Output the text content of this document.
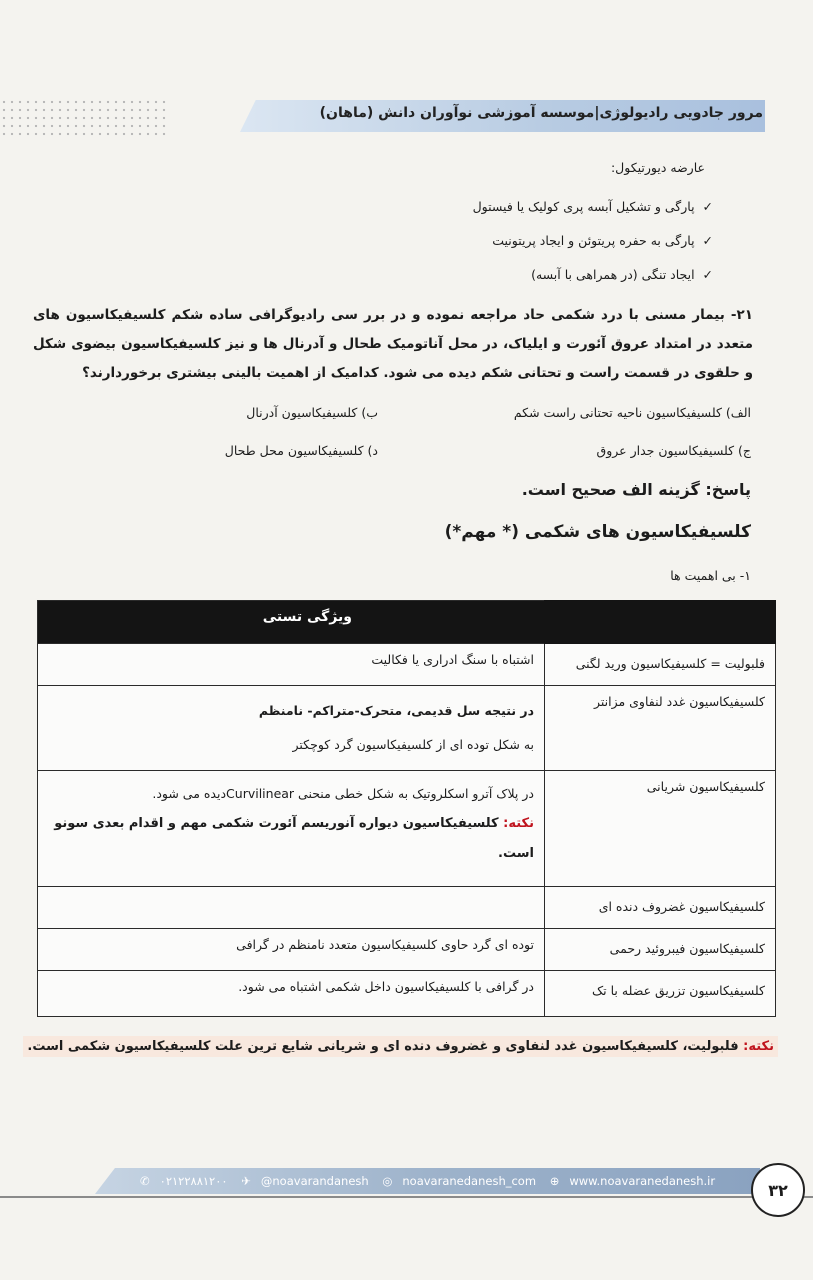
مرور جادویی رادیولوژی|موسسه آموزشی نوآوران دانش (ماهان)
عارضه دیورتیکول:
✓  پارگی و تشکیل آبسه پری کولیک یا فیستول
✓  پارگی به حفره پریتوئن و ایجاد پریتونیت
✓  ایجاد تنگی (در همراهی با آبسه)
۲۱- بیمار مسنی با درد شکمی حاد مراجعه نموده و در برر سی رادیوگرافی ساده شکم کلسیفیکاسیون های متعدد در امتداد عروق آئورت و ایلیاک، در محل آناتومیک طحال و آدرنال ها و نیز کلسیفیکاسیون بیضوی شکل و حلقوی در قسمت راست و تحتانی شکم دیده می شود. کدامیک از اهمیت بالینی بیشتری برخوردارند؟
الف) کلسیفیکاسیون ناحیه تحتانی راست شکم
ب) کلسیفیکاسیون آدرنال
ج) کلسیفیکاسیون جدار عروق
د) کلسیفیکاسیون محل طحال
پاسخ: گزینه الف صحیح است.
کلسیفیکاسیون های شکمی (* مهم*)
۱- بی اهمیت ها
	ویژگی تستی
فلبولیت = کلسیفیکاسیون ورید لگنی	اشتباه با سنگ ادراری یا فکالیت
کلسیفیکاسیون غدد لنفاوی مزانتر	در نتیجه سل قدیمی، متحرک-متراکم- نامنظم
به شکل توده ای از کلسیفیکاسیون گرد کوچکتر

کلسیفیکاسیون شریانی	در پلاک آترو اسکلروتیک به شکل خطی منحنی Curvilinearدیده می شود.
نکته: کلسیفیکاسیون دیواره آنوریسم آئورت شکمی مهم و اقدام بعدی سونو است.

کلسیفیکاسیون غضروف دنده ای	
کلسیفیکاسیون فیبروئید رحمی	توده ای گرد حاوی کلسیفیکاسیون متعدد نامنظم در گرافی
کلسیفیکاسیون تزریق عضله با تک	در گرافی با کلسیفیکاسیون داخل شکمی اشتباه می شود.
نکته: فلبولیت، کلسیفیکاسیون غدد لنفاوی و غضروف دنده ای و شریانی شایع ترین علت کلسیفیکاسیون شکمی است.
✆ ۰۲۱۲۲۸۸۱۲۰۰ ✈ @noavarandanesh ◎ noavaranedanesh_com ⊕ www.noavaranedanesh.ir	۳۲
